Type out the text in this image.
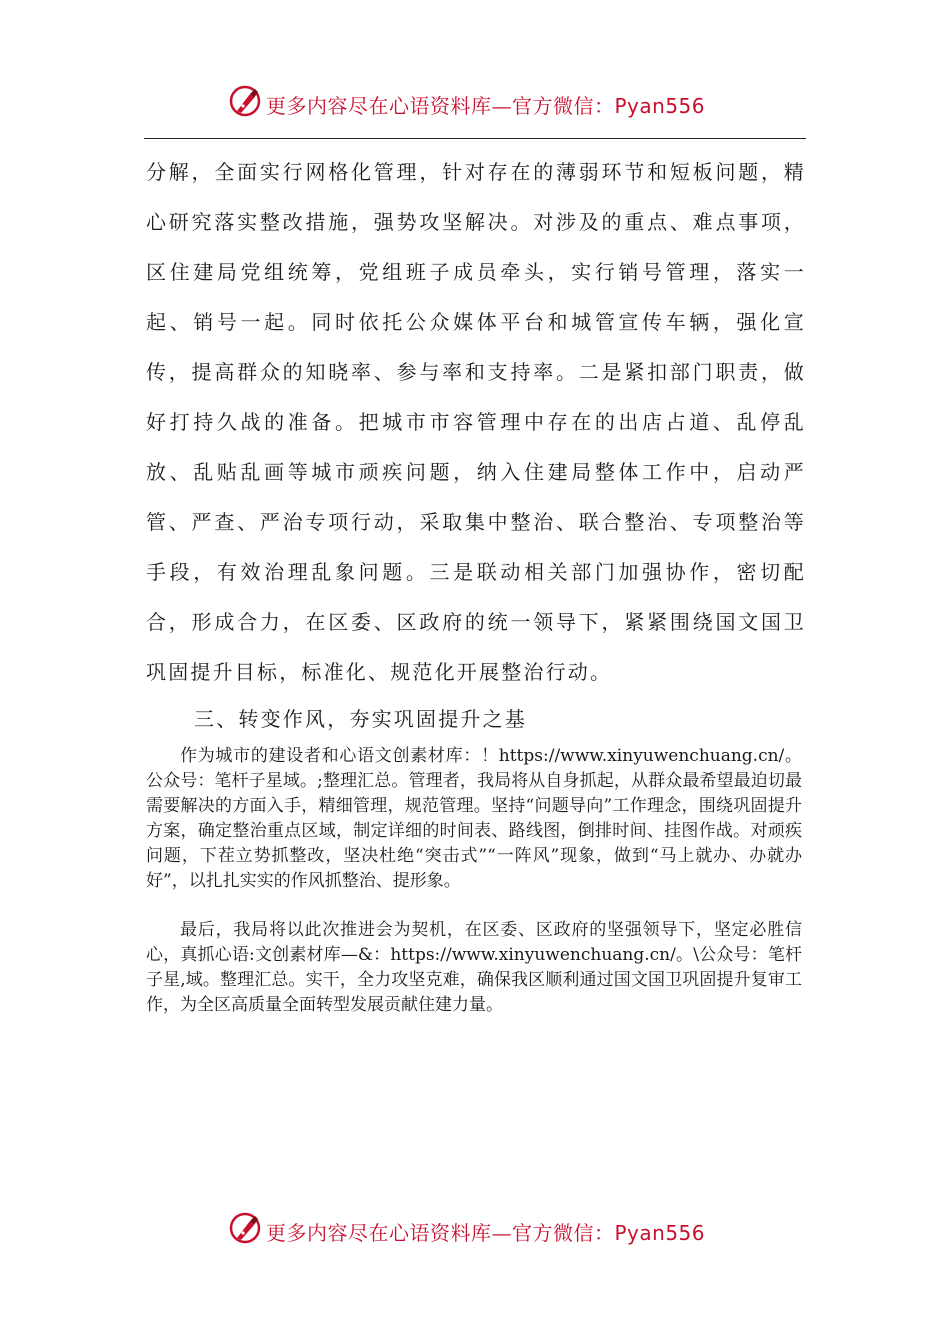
更多内容尽在心语资料库—官方微信：Pyan556

分解，全面实行网格化管理，针对存在的薄弱环节和短板问题，精心研究落实整改措施，强势攻坚解决。对涉及的重点、难点事项，区住建局党组统筹，党组班子成员牵头，实行销号管理，落实一起、销号一起。同时依托公众媒体平台和城管宣传车辆，强化宣传，提高群众的知晓率、参与率和支持率。二是紧扣部门职责，做好打持久战的准备。把城市市容管理中存在的出店占道、乱停乱放、乱贴乱画等城市顽疾问题，纳入住建局整体工作中，启动严管、严查、严治专项行动，采取集中整治、联合整治、专项整治等手段，有效治理乱象问题。三是联动相关部门加强协作，密切配合，形成合力，在区委、区政府的统一领导下，紧紧围绕国文国卫巩固提升目标，标准化、规范化开展整治行动。

三、转变作风，夯实巩固提升之基

作为城市的建设者和心语文创素材库：！https://www.xinyuwenchuang.cn/。公众号：笔杆子星域。;整理汇总。管理者，我局将从自身抓起，从群众最希望最迫切最需要解决的方面入手，精细管理，规范管理。坚持“问题导向”工作理念，围绕巩固提升方案，确定整治重点区域，制定详细的时间表、路线图，倒排时间、挂图作战。对顽疾问题，下茬立势抓整改，坚决杜绝“突击式”“一阵风”现象，做到“马上就办、办就办好”，以扎扎实实的作风抓整治、提形象。

最后，我局将以此次推进会为契机，在区委、区政府的坚强领导下，坚定必胜信心，真抓心语:文创素材库—&：https://www.xinyuwenchuang.cn/。\公众号：笔杆子星,域。整理汇总。实干，全力攻坚克难，确保我区顺利通过国文国卫巩固提升复审工作，为全区高质量全面转型发展贡献住建力量。

更多内容尽在心语资料库—官方微信：Pyan556
